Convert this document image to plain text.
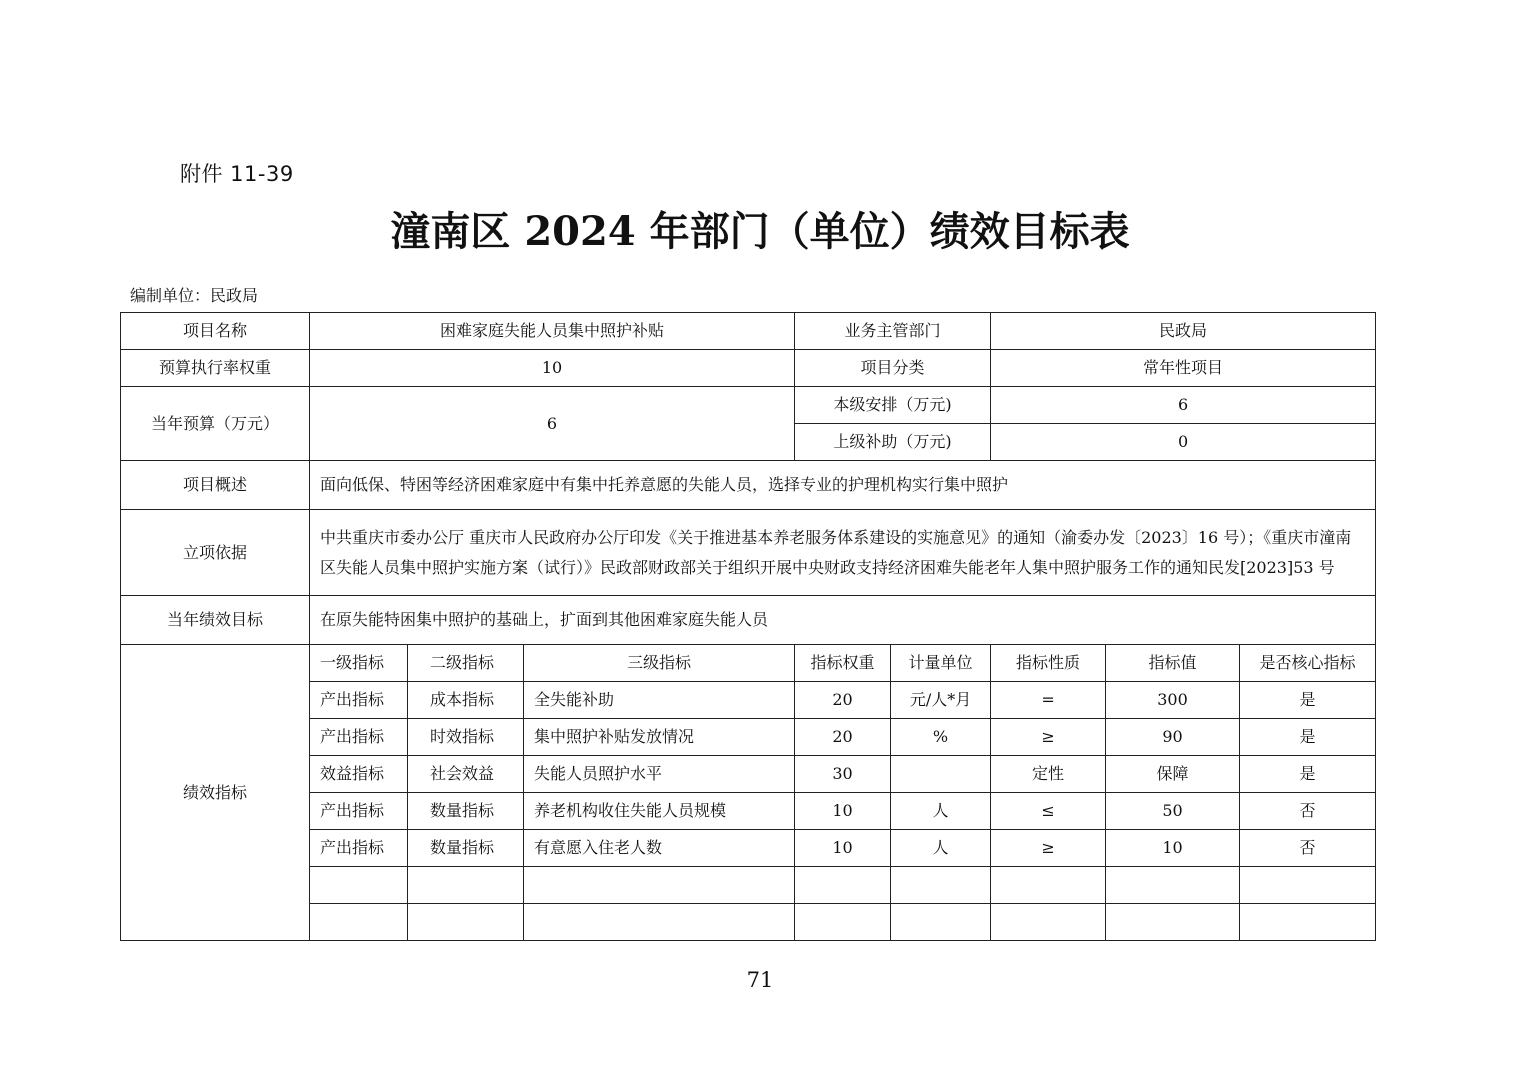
附件 11-39
潼南区 2024 年部门（单位）绩效目标表
编制单位：民政局
项目名称	困难家庭失能人员集中照护补贴			业务主管部门		民政局		
预算执行率权重	10			项目分类		常年性项目		
当年预算（万元）	6			本级安排（万元)		6		
				上级补助（万元)		0		
项目概述	面向低保、特困等经济困难家庭中有集中托养意愿的失能人员，选择专业的护理机构实行集中照护							
立项依据	中共重庆市委办公厅 重庆市人民政府办公厅印发《关于推进基本养老服务体系建设的实施意见》的通知（渝委办发〔2023〕16 号）；《重庆市潼南区失能人员集中照护实施方案（试行）》民政部财政部关于组织开展中央财政支持经济困难失能老年人集中照护服务工作的通知民发[2023]53 号							
当年绩效目标	在原失能特困集中照护的基础上，扩面到其他困难家庭失能人员							
绩效指标	一级指标	二级指标	三级指标	指标权重	计量单位	指标性质	指标值	是否核心指标
	产出指标	成本指标	全失能补助	20	元/人*月	=	300	是
	产出指标	时效指标	集中照护补贴发放情况	20	%	≥	90	是
	效益指标	社会效益	失能人员照护水平	30		定性	保障	是
	产出指标	数量指标	养老机构收住失能人员规模	10	人	≤	50	否
	产出指标	数量指标	有意愿入住老人数	10	人	≥	10	否

71
